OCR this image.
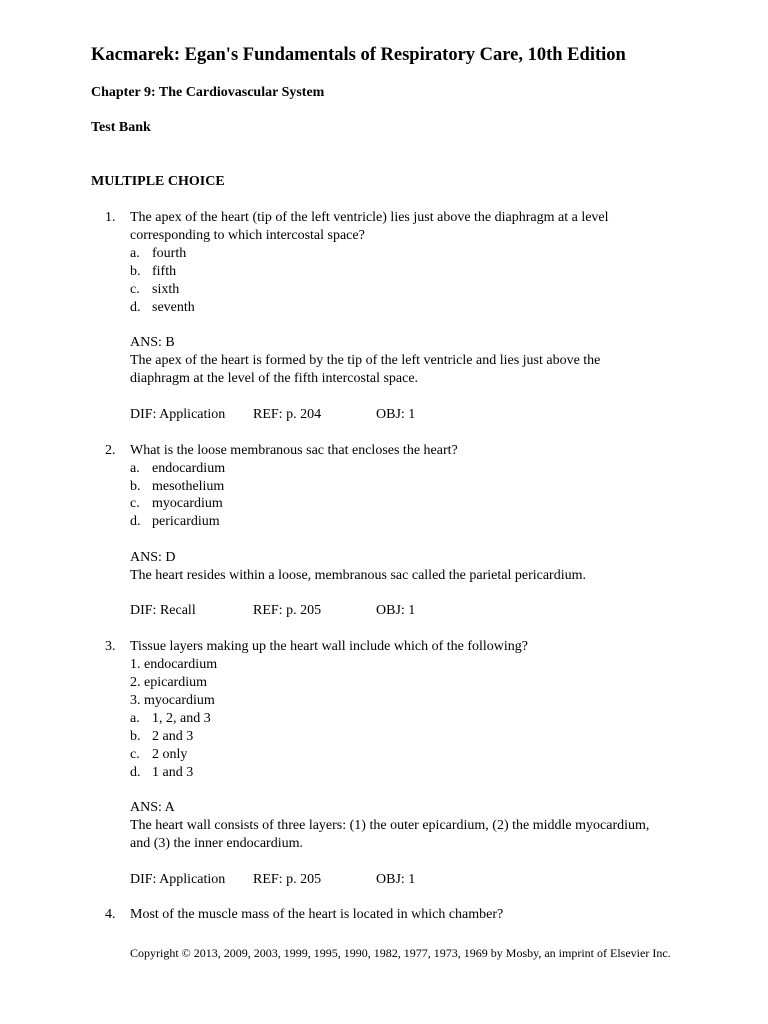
Kacmarek: Egan's Fundamentals of Respiratory Care, 10th Edition
Chapter 9: The Cardiovascular System
Test Bank
MULTIPLE CHOICE
1. The apex of the heart (tip of the left ventricle) lies just above the diaphragm at a level
corresponding to which intercostal space?
a. fourth
b. fifth
c. sixth
d. seventh
ANS: B
The apex of the heart is formed by the tip of the left ventricle and lies just above the
diaphragm at the level of the fifth intercostal space.
DIF: Application REF: p. 204	OBJ: 1
2. What is the loose membranous sac that encloses the heart?
a. endocardium
b. mesothelium
c. myocardium
d. pericardium
ANS: D
The heart resides within a loose, membranous sac called the parietal pericardium.
DIF: Recall	REF: p. 205	OBJ: 1
3. Tissue layers making up the heart wall include which of the following?
1. endocardium
2. epicardium
3. myocardium
a. 1, 2, and 3
b. 2 and 3
c. 2 only
d. 1 and 3
ANS: A
The heart wall consists of three layers: (1) the outer epicardium, (2) the middle myocardium,
and (3) the inner endocardium.
DIF: Application REF: p. 205	OBJ: 1
4. Most of the muscle mass of the heart is located in which chamber?
Copyright © 2013, 2009, 2003, 1999, 1995, 1990, 1982, 1977, 1973, 1969 by Mosby, an imprint of Elsevier Inc.
